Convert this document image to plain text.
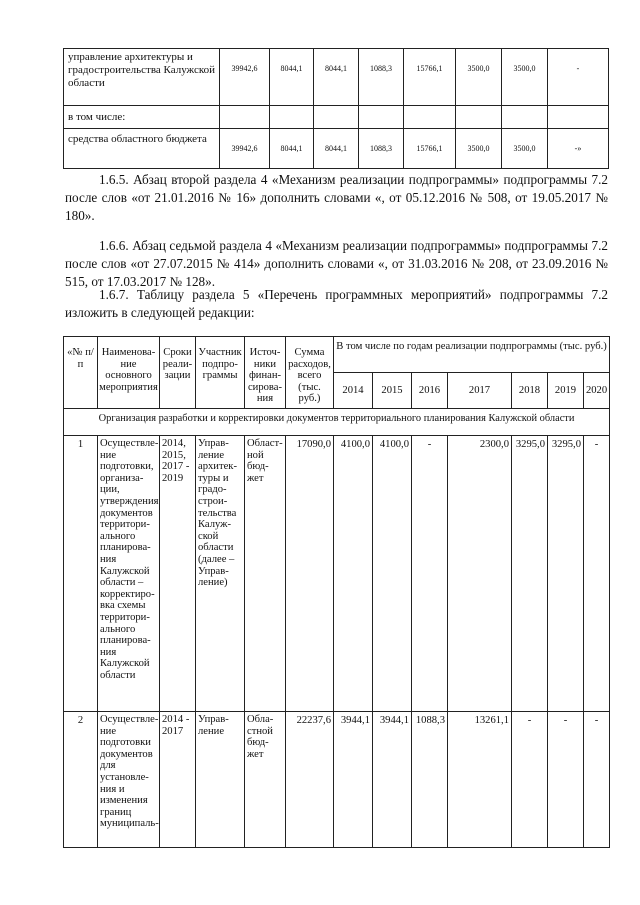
управление архитектуры и градостроительства Калужской области	39942,6	8044,1	8044,1	1088,3	15766,1	3500,0	3500,0	-
в том числе:								
средства областного бюджета	39942,6	8044,1	8044,1	1088,3	15766,1	3500,0	3500,0	-»

1.6.5. Абзац второй раздела 4 «Механизм реализации подпрограммы» подпрограммы 7.2 после слов «от 21.01.2016 № 16» дополнить словами «, от 05.12.2016 № 508, от 19.05.2017 № 180».

1.6.6. Абзац седьмой раздела 4 «Механизм реализации подпрограммы» подпрограммы 7.2 после слов «от 27.07.2015 № 414» дополнить словами «, от 31.03.2016 № 208, от 23.09.2016 № 515, от 17.03.2017 № 128».

1.6.7. Таблицу раздела 5 «Перечень программных мероприятий» подпрограммы 7.2 изложить в следующей редакции:

«№ п/п	Наименова-ние основного мероприятия	Сроки реали-зации	Участник подпро-граммы	Источ-ники финан-сирова-ния	Сумма расходов, всего (тыс. руб.)	В том числе по годам реализации подпрограммы (тыс. руб.)						
						2014	2015	2016	2017	2018	2019	2020
Организация разработки и корректировки документов территориального планирования Калужской области												
1	Осуществле-ние подготовки, организа-ции, утверждения документов территори-ального планирова-ния Калужской области – корректиро-вка схемы территори-ального планирова-ния Калужской области	2014, 2015, 2017 - 2019	Управ-ление архитек-туры и градо-строи-тельства Калуж-ской области (далее – Управ-ление)	Област-ной бюд-жет	17090,0	4100,0	4100,0	-	2300,0	3295,0	3295,0	-
2	Осуществле-ние подготовки документов для установле-ния и изменения границ муниципаль-	2014 - 2017	Управ-ление	Обла-стной бюд-жет	22237,6	3944,1	3944,1	1088,3	13261,1	-	-	-
